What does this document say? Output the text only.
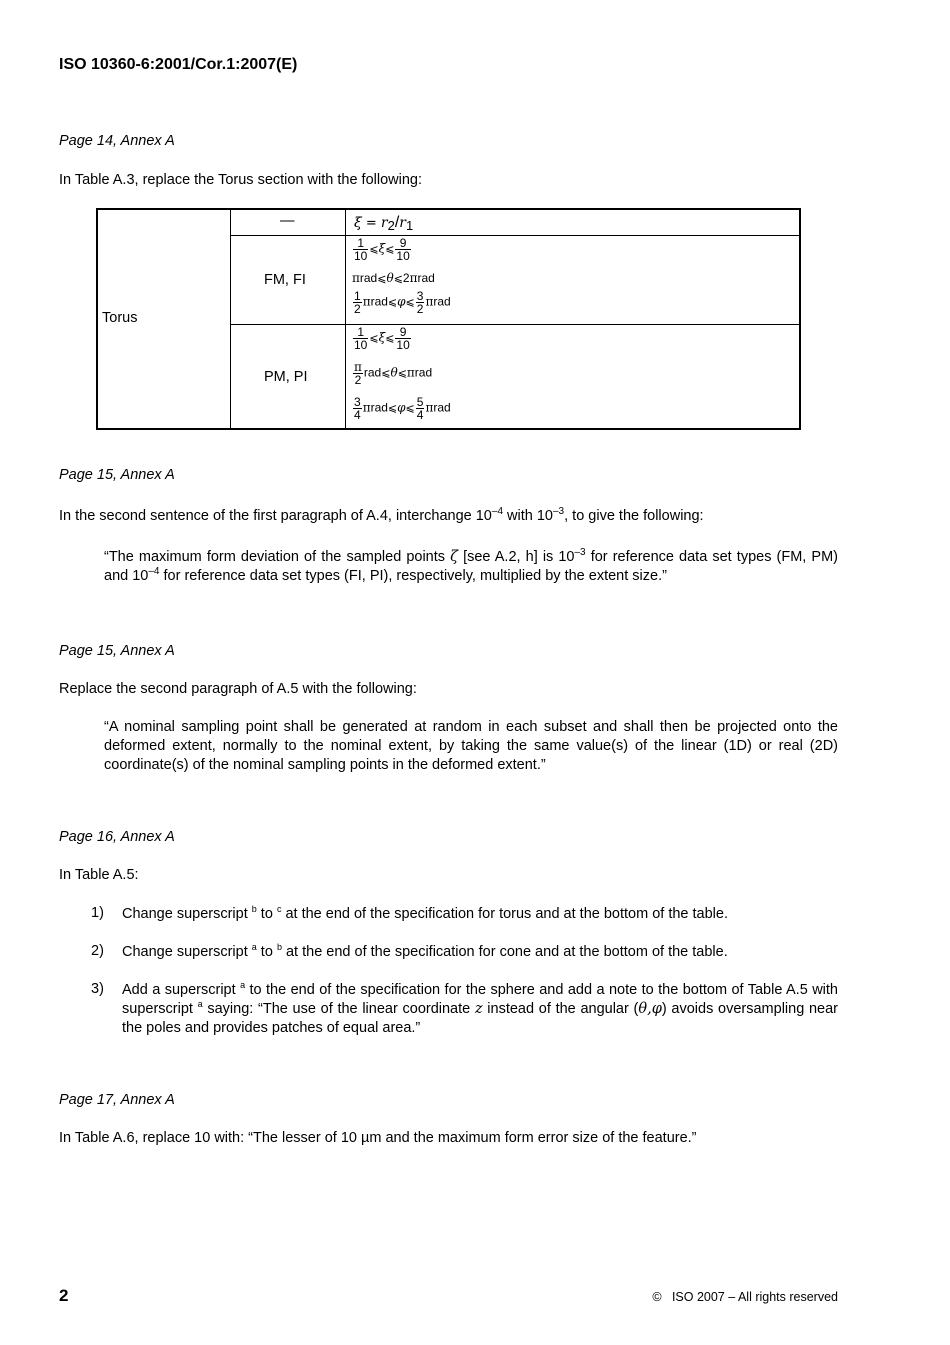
ISO 10360-6:2001/Cor.1:2007(E)
Page 14, Annex A
In Table A.3, replace the Torus section with the following:
Torus
—	ξ = r2/r1
FM, FI
$\frac{1}{10}$ ⩽ξ⩽ $\frac{9}{10}$
πrad⩽θ⩽2πrad
$\frac{1}{2}$ πrad⩽φ⩽ $\frac{3}{2}$ πrad
PM, PI
$\frac{1}{10}$ ⩽ξ⩽ $\frac{9}{10}$
$\frac{\pi}{2}$ rad⩽θ⩽πrad
$\frac{3}{4}$ πrad⩽φ⩽ $\frac{5}{4}$ πrad
Page 15, Annex A
In the second sentence of the first paragraph of A.4, interchange $10^{-4}$ with $10^{-3}$, to give the following:
“The maximum form deviation of the sampled points ζ [see A.2, h] is $10^{-3}$ for reference data set types (FM, PM) and $10^{-4}$ for reference data set types (FI, PI), respectively, multiplied by the extent size.”
Page 15, Annex A
Replace the second paragraph of A.5 with the following:
“A nominal sampling point shall be generated at random in each subset and shall then be projected onto the deformed extent, normally to the nominal extent, by taking the same value(s) of the linear (1D) or real (2D) coordinate(s) of the nominal sampling points in the deformed extent.”
Page 16, Annex A
In Table A.5:
1) Change superscript $^b$ to $^c$ at the end of the specification for torus and at the bottom of the table.
2) Change superscript $^a$ to $^b$ at the end of the specification for cone and at the bottom of the table.
3) Add a superscript $^a$ to the end of the specification for the sphere and add a note to the bottom of Table A.5 with superscript $^a$ saying: “The use of the linear coordinate z instead of the angular (θ,φ) avoids oversampling near the poles and provides patches of equal area.”
Page 17, Annex A
In Table A.6, replace 10 with: “The lesser of 10 µm and the maximum form error size of the feature.”
2	©   ISO 2007 – All rights reserved
